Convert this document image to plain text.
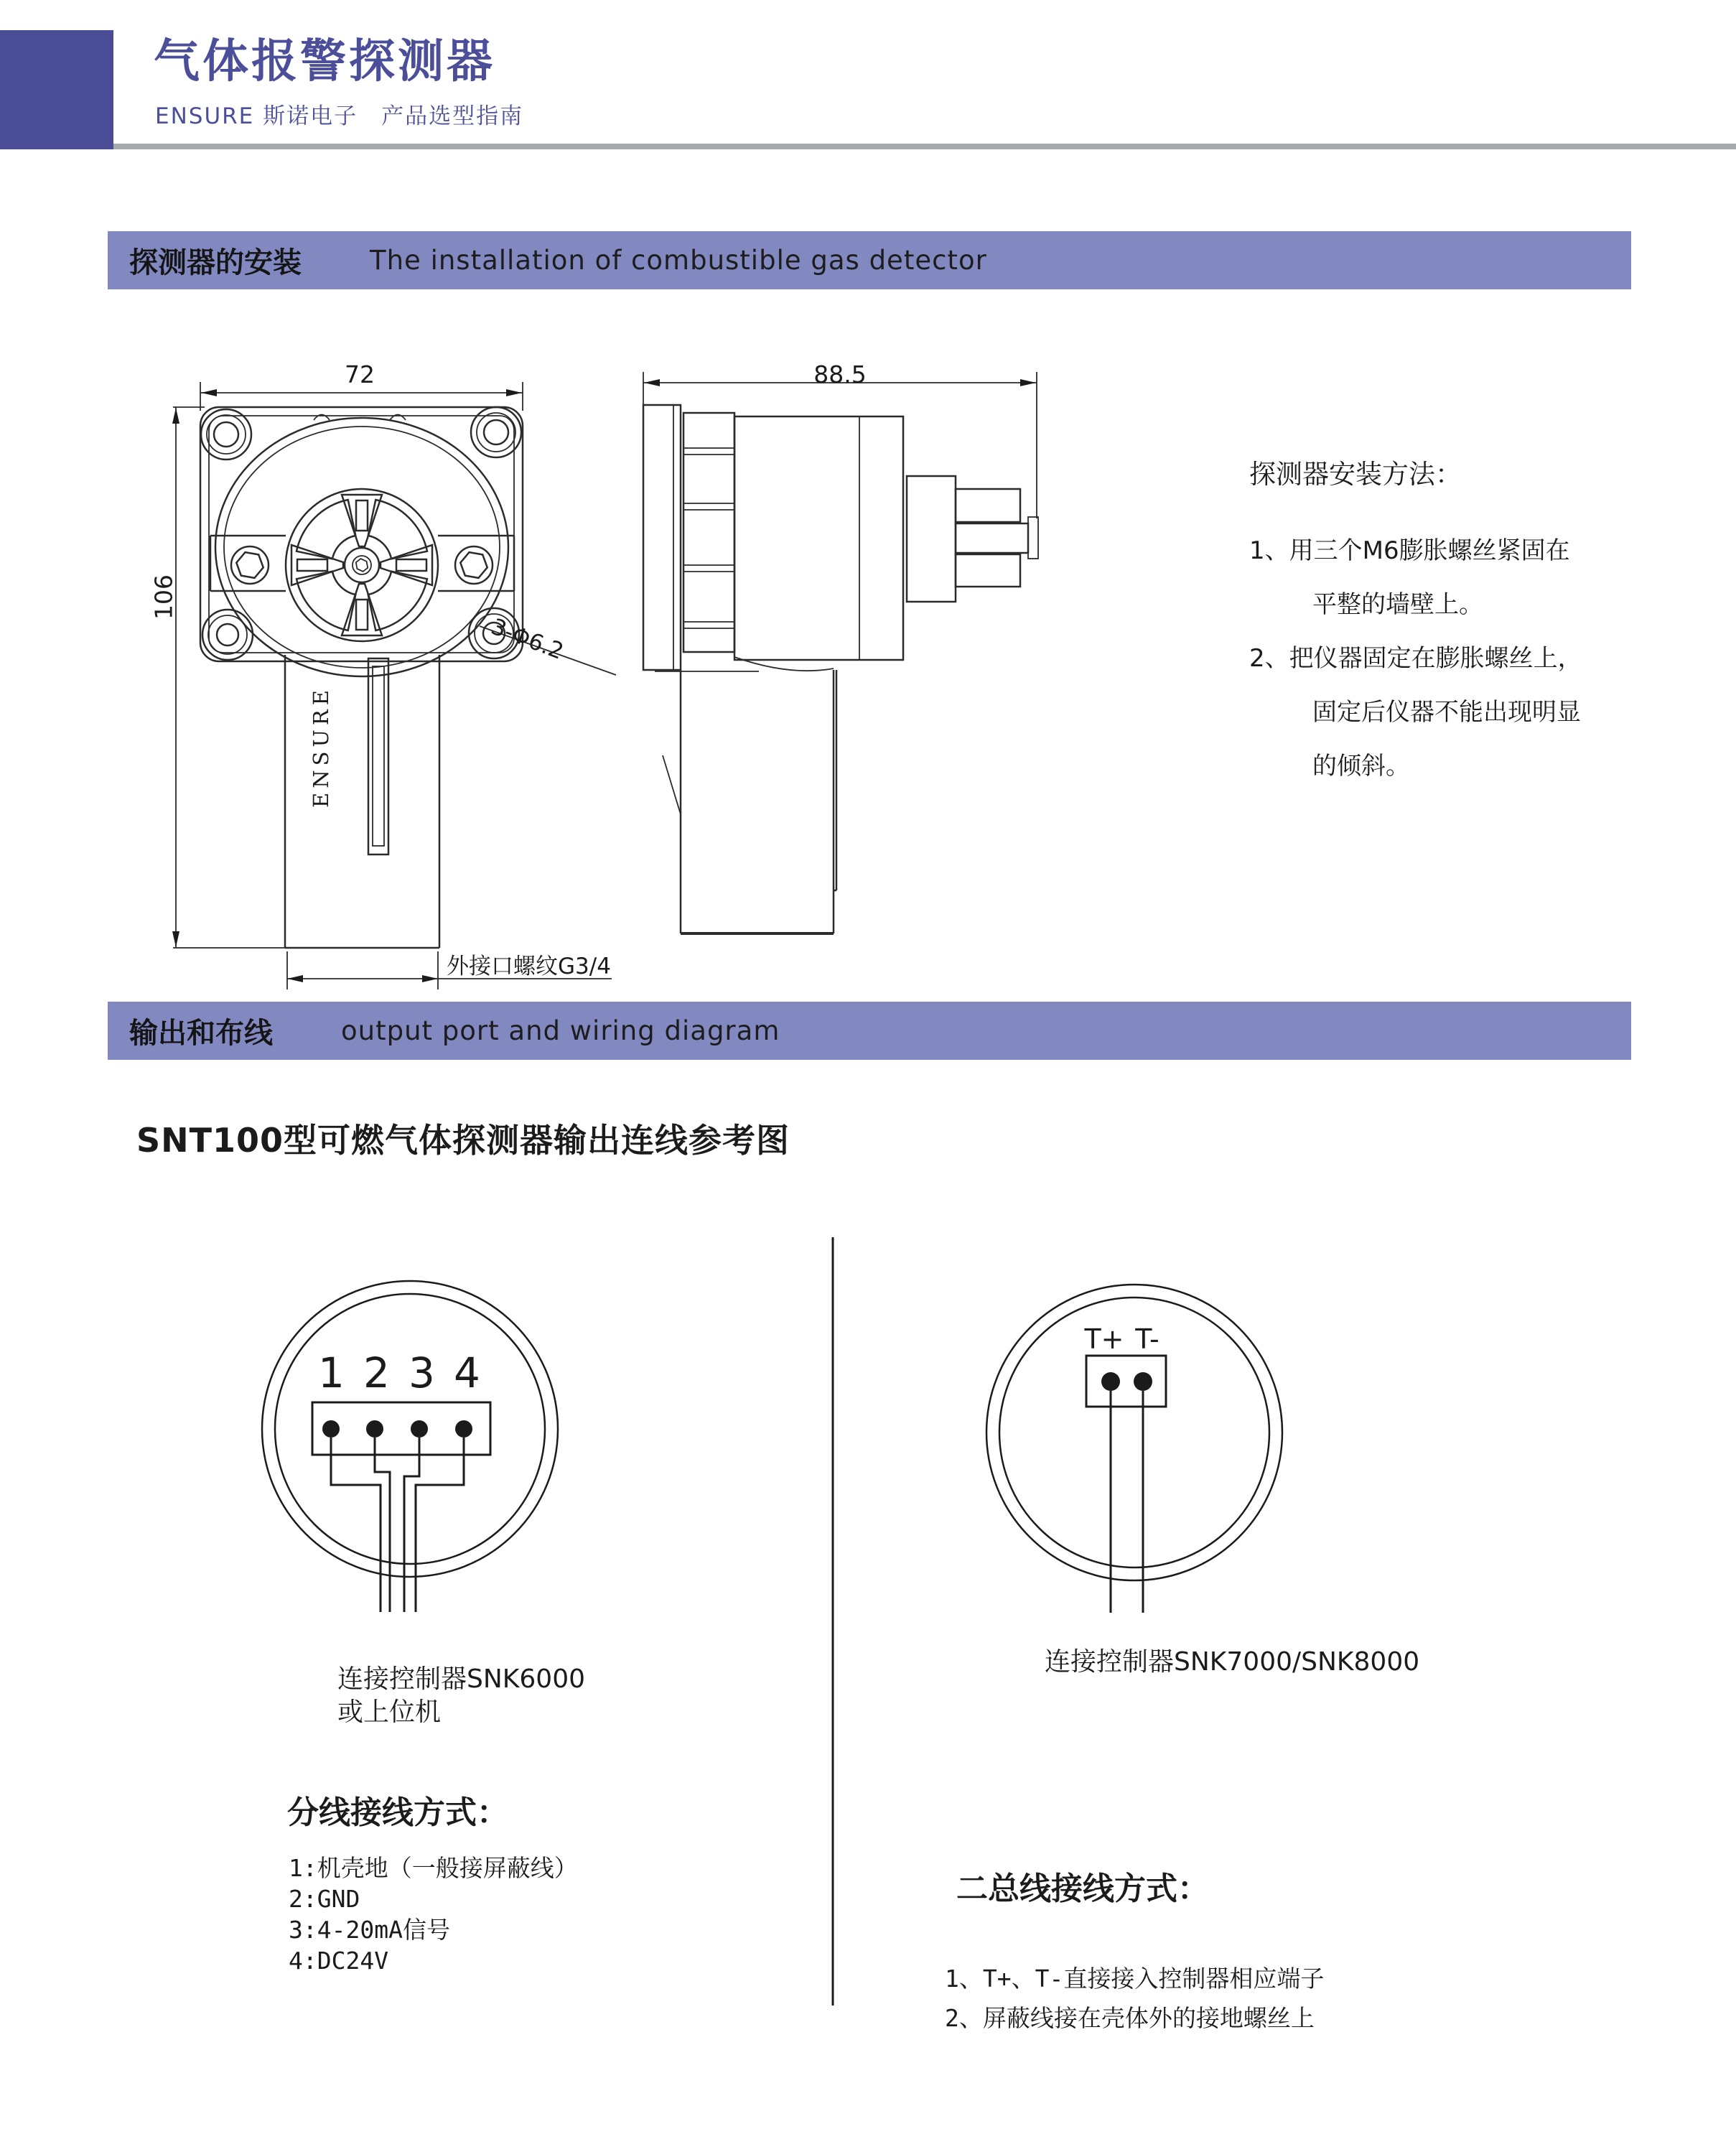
气体报警探测器
ENSURE 斯诺电子　产品选型指南
探测器的安装	The installation of combustible gas detector
72
106
88.5
ENSURE
3-Φ6.2
外接口螺纹G3/4
探测器安装方法：
1、用三个M6膨胀螺丝紧固在
平整的墙壁上。
2、把仪器固定在膨胀螺丝上，
固定后仪器不能出现明显
的倾斜。
输出和布线	output port and wiring diagram
SNT100型可燃气体探测器输出连线参考图
1 2 3 4
连接控制器SNK6000
或上位机
分线接线方式：
1:机壳地（一般接屏蔽线）
2:GND
3:4-20mA信号
4:DC24V
T+ T-
连接控制器SNK7000/SNK8000
二总线接线方式：
1、T+、T-直接接入控制器相应端子
2、屏蔽线接在壳体外的接地螺丝上
